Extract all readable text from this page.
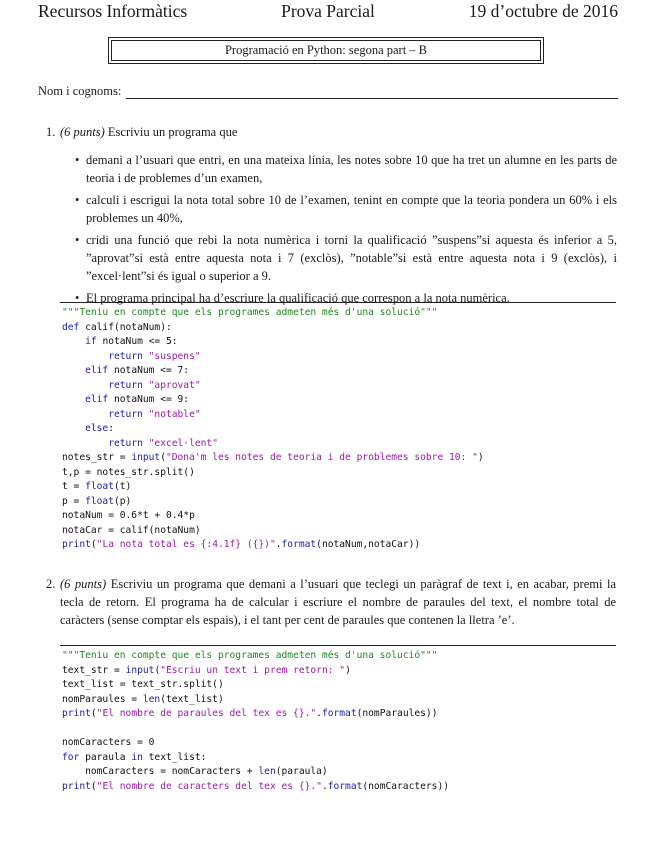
Recursos Informàtics	Prova Parcial	19 d’octubre de 2016
Programació en Python: segona part – B
Nom i cognoms:
1. (6 punts) Escriviu un programa que
• demani a l’usuari que entri, en una mateixa línia, les notes sobre 10 que ha tret un alumne en les parts de teoria i de problemes d’un examen,
• calculi i escrigui la nota total sobre 10 de l’examen, tenint en compte que la teoria pondera un 60% i els problemes un 40%,
• cridi una funció que rebi la nota numèrica i torni la qualificació ”suspens”si aquesta és inferior a 5, ”aprovat”si està entre aquesta nota i 7 (exclòs), ”notable”si està entre aquesta nota i 9 (exclòs), i ”excel·lent”si és igual o superior a 9.
• El programa principal ha d’escriure la qualificació que correspon a la nota numèrica.
"""Teniu en compte que els programes admeten més d'una solució"""
def calif(notaNum):
if notaNum <= 5:
return "suspens"
elif notaNum <= 7:
return "aprovat"
elif notaNum <= 9:
return "notable"
else:
return "excel·lent"
notes_str = input("Dona'm les notes de teoria i de problemes sobre 10: ")
t,p = notes_str.split()
t = float(t)
p = float(p)
notaNum = 0.6*t + 0.4*p
notaCar = calif(notaNum)
print("La nota total es {:4.1f} ({})".format(notaNum,notaCar))
2. (6 punts) Escriviu un programa que demani a l’usuari que teclegi un paràgraf de text i, en acabar, premi la tecla de retorn. El programa ha de calcular i escriure el nombre de paraules del text, el nombre total de caràcters (sense comptar els espais), i el tant per cent de paraules que contenen la lletra ’e’.
"""Teniu en compte que els programes admeten més d'una solució"""
text_str = input("Escriu un text i prem retorn: ")
text_list = text_str.split()
nomParaules = len(text_list)
print("El nombre de paraules del tex es {}.".format(nomParaules))
nomCaracters = 0
for paraula in text_list:
nomCaracters = nomCaracters + len(paraula)
print("El nombre de caracters del tex es {}.".format(nomCaracters))
